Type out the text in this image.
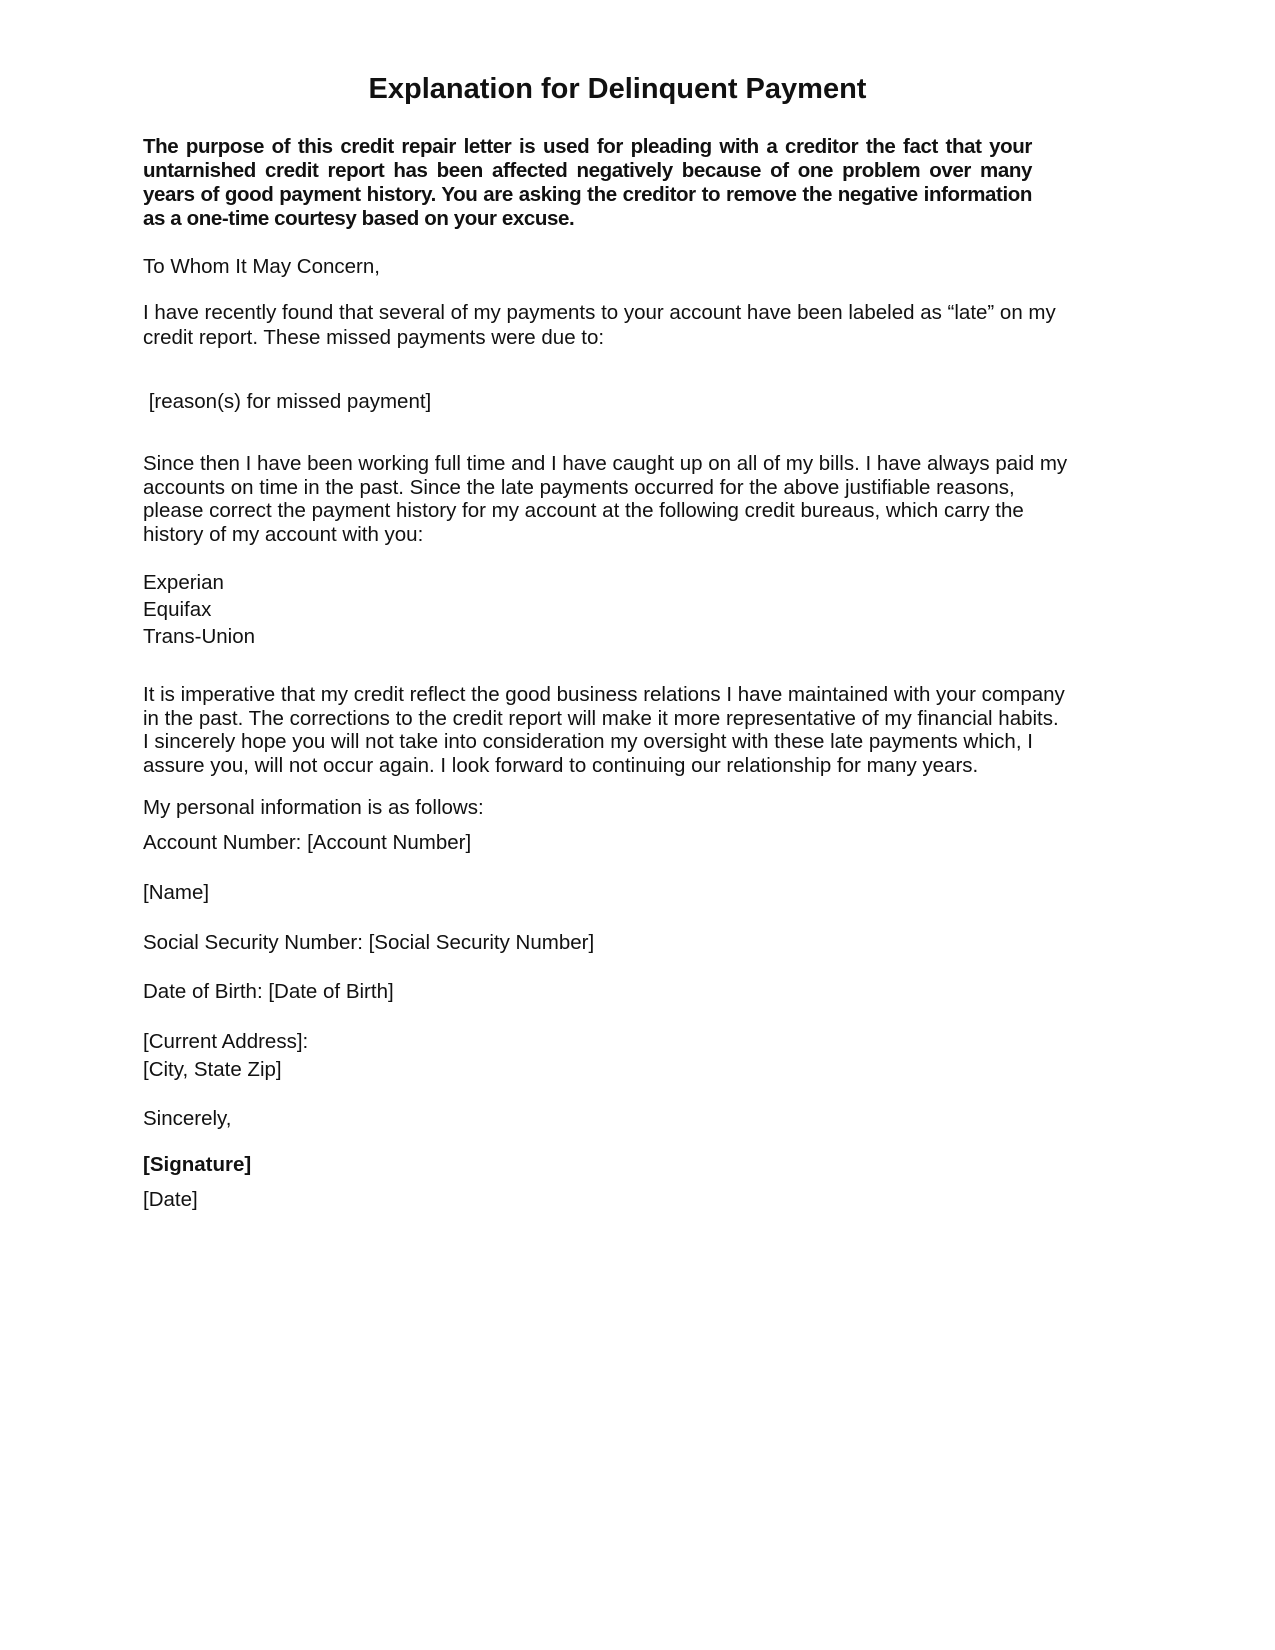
Explanation for Delinquent Payment
The purpose of this credit repair letter is used for pleading with a creditor the fact that your untarnished credit report has been affected negatively because of one problem over many years of good payment history. You are asking the creditor to remove the negative information as a one-time courtesy based on your excuse.
To Whom It May Concern,
I have recently found that several of my payments to your account have been labeled as “late” on my
credit report. These missed payments were due to:
[reason(s) for missed payment]
Since then I have been working full time and I have caught up on all of my bills. I have always paid my
accounts on time in the past. Since the late payments occurred for the above justifiable reasons,
please correct the payment history for my account at the following credit bureaus, which carry the
history of my account with you:
Experian
Equifax
Trans-Union
It is imperative that my credit reflect the good business relations I have maintained with your company
in the past. The corrections to the credit report will make it more representative of my financial habits.
I sincerely hope you will not take into consideration my oversight with these late payments which, I
assure you, will not occur again. I look forward to continuing our relationship for many years.
My personal information is as follows:
Account Number: [Account Number]
[Name]
Social Security Number: [Social Security Number]
Date of Birth: [Date of Birth]
[Current Address]:
[City, State Zip]
Sincerely,
[Signature]
[Date]
